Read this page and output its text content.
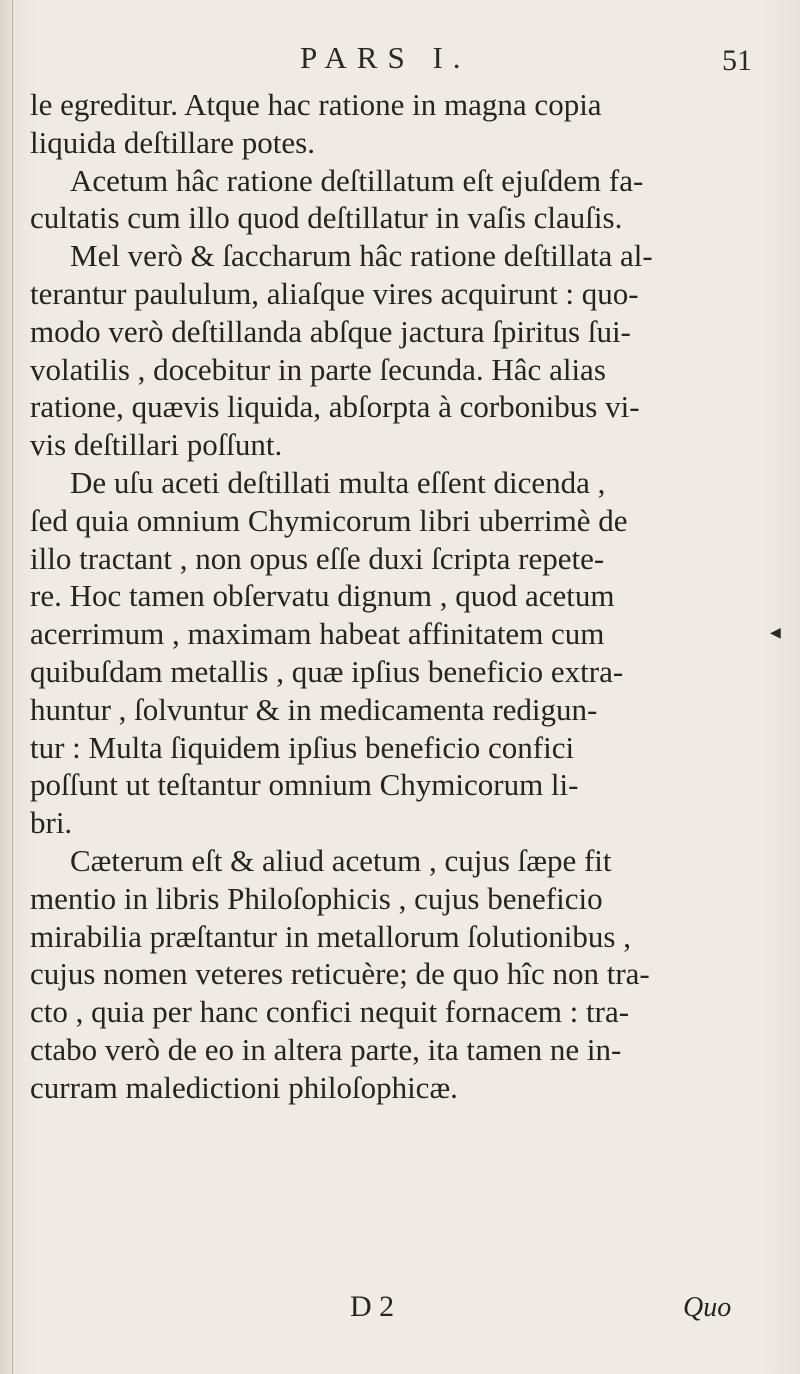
PARS I.	51
le egreditur. Atque hac ratione in magna copia
liquida deſtillare potes.
Acetum hâc ratione deſtillatum eſt ejuſdem fa-
cultatis cum illo quod deſtillatur in vaſis clauſis.
Mel verò & ſaccharum hâc ratione deſtillata al-
terantur paululum, aliaſque vires acquirunt : quo-
modo verò deſtillanda abſque jactura ſpiritus ſui-
volatilis , docebitur in parte ſecunda. Hâc alias
ratione, quævis liquida, abſorpta à corbonibus vi-
vis deſtillari poſſunt.
De uſu aceti deſtillati multa eſſent dicenda ,
ſed quia omnium Chymicorum libri uberrimè de
illo tractant , non opus eſſe duxi ſcripta repete-
re. Hoc tamen obſervatu dignum , quod acetum
acerrimum , maximam habeat affinitatem cum
quibuſdam metallis , quæ ipſius beneficio extra-
huntur , ſolvuntur & in medicamenta redigun-
tur : Multa ſiquidem ipſius beneficio confici
poſſunt ut teſtantur omnium Chymicorum li-
bri.
Cæterum eſt & aliud acetum , cujus ſæpe fit
mentio in libris Philoſophicis , cujus beneficio
mirabilia præſtantur in metallorum ſolutionibus ,
cujus nomen veteres reticuère; de quo hîc non tra-
cto , quia per hanc confici nequit fornacem : tra-
ctabo verò de eo in altera parte, ita tamen ne in-
curram maledictioni philoſophicæ.
◀
D 2	Quo
